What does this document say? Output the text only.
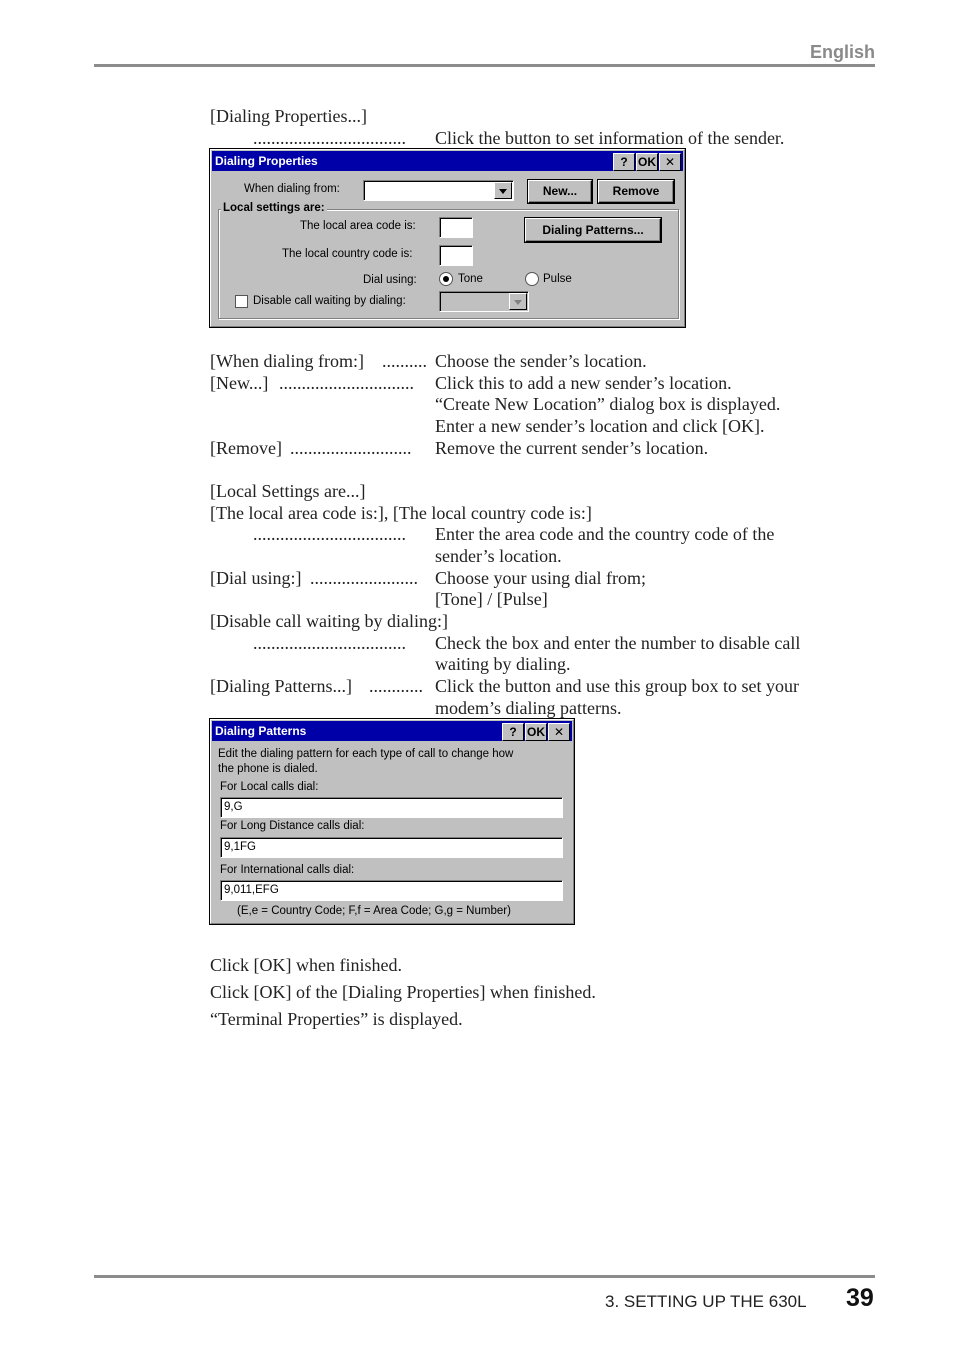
English
[Dialing Properties...]
.................................. Click the button to set information of the sender.
Dialing Properties	? OK ✕
When dialing from:	New...	Remove
Local settings are:
The local area code is:	Dialing Patterns...
The local country code is:
Dial using:	Tone	Pulse
Disable call waiting by dialing:
[When dialing from:] .......... Choose the sender’s location.
[New...] .............................. Click this to add a new sender’s location.
“Create New Location” dialog box is displayed.
Enter a new sender’s location and click [OK].
[Remove] ........................... Remove the current sender’s location.
[Local Settings are...]
[The local area code is:], [The local country code is:]
.................................. Enter the area code and the country code of the
sender’s location.
[Dial using:] ........................ Choose your using dial from;
[Tone] / [Pulse]
[Disable call waiting by dialing:]
.................................. Check the box and enter the number to disable call
waiting by dialing.
[Dialing Patterns...] ............ Click the button and use this group box to set your
modem’s dialing patterns.
Dialing Patterns	? OK ✕
Edit the dialing pattern for each type of call to change how
the phone is dialed.
For Local calls dial:
9,G
For Long Distance calls dial:
9,1FG
For International calls dial:
9,011,EFG
(E,e = Country Code; F,f = Area Code; G,g = Number)
Click [OK] when finished.
Click [OK] of the [Dialing Properties] when finished.
“Terminal Properties” is displayed.
3. SETTING UP THE 630L 39
